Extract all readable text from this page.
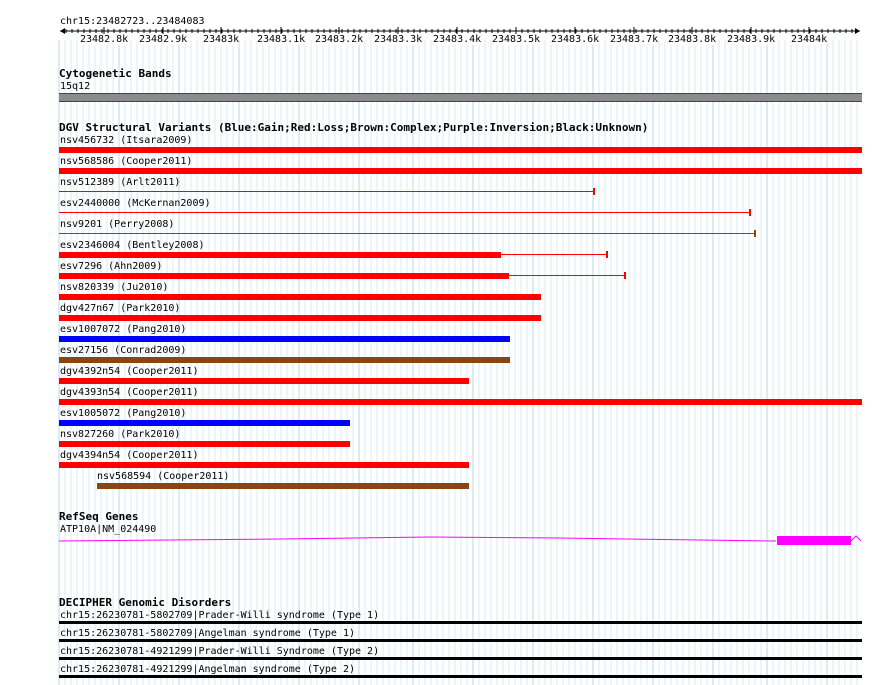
chr15:23482723..23484083
23482.8k 23482.9k 23483k 23483.1k 23483.2k 23483.3k 23483.4k 23483.5k 23483.6k 23483.7k 23483.8k 23483.9k 23484k
Cytogenetic Bands
15q12
DGV Structural Variants (Blue:Gain;Red:Loss;Brown:Complex;Purple:Inversion;Black:Unknown)
nsv456732 (Itsara2009)
nsv568586 (Cooper2011)
nsv512389 (Arlt2011)
esv2440000 (McKernan2009)
nsv9201 (Perry2008)
esv2346004 (Bentley2008)
esv7296 (Ahn2009)
nsv820339 (Ju2010)
dgv427n67 (Park2010)
esv1007072 (Pang2010)
esv27156 (Conrad2009)
dgv4392n54 (Cooper2011)
dgv4393n54 (Cooper2011)
esv1005072 (Pang2010)
nsv827260 (Park2010)
dgv4394n54 (Cooper2011)
nsv568594 (Cooper2011)
RefSeq Genes
ATP10A|NM_024490
DECIPHER Genomic Disorders
chr15:26230781-5802709|Prader-Willi syndrome (Type 1)
chr15:26230781-5802709|Angelman syndrome (Type 1)
chr15:26230781-4921299|Prader-Willi Syndrome (Type 2)
chr15:26230781-4921299|Angelman syndrome (Type 2)
